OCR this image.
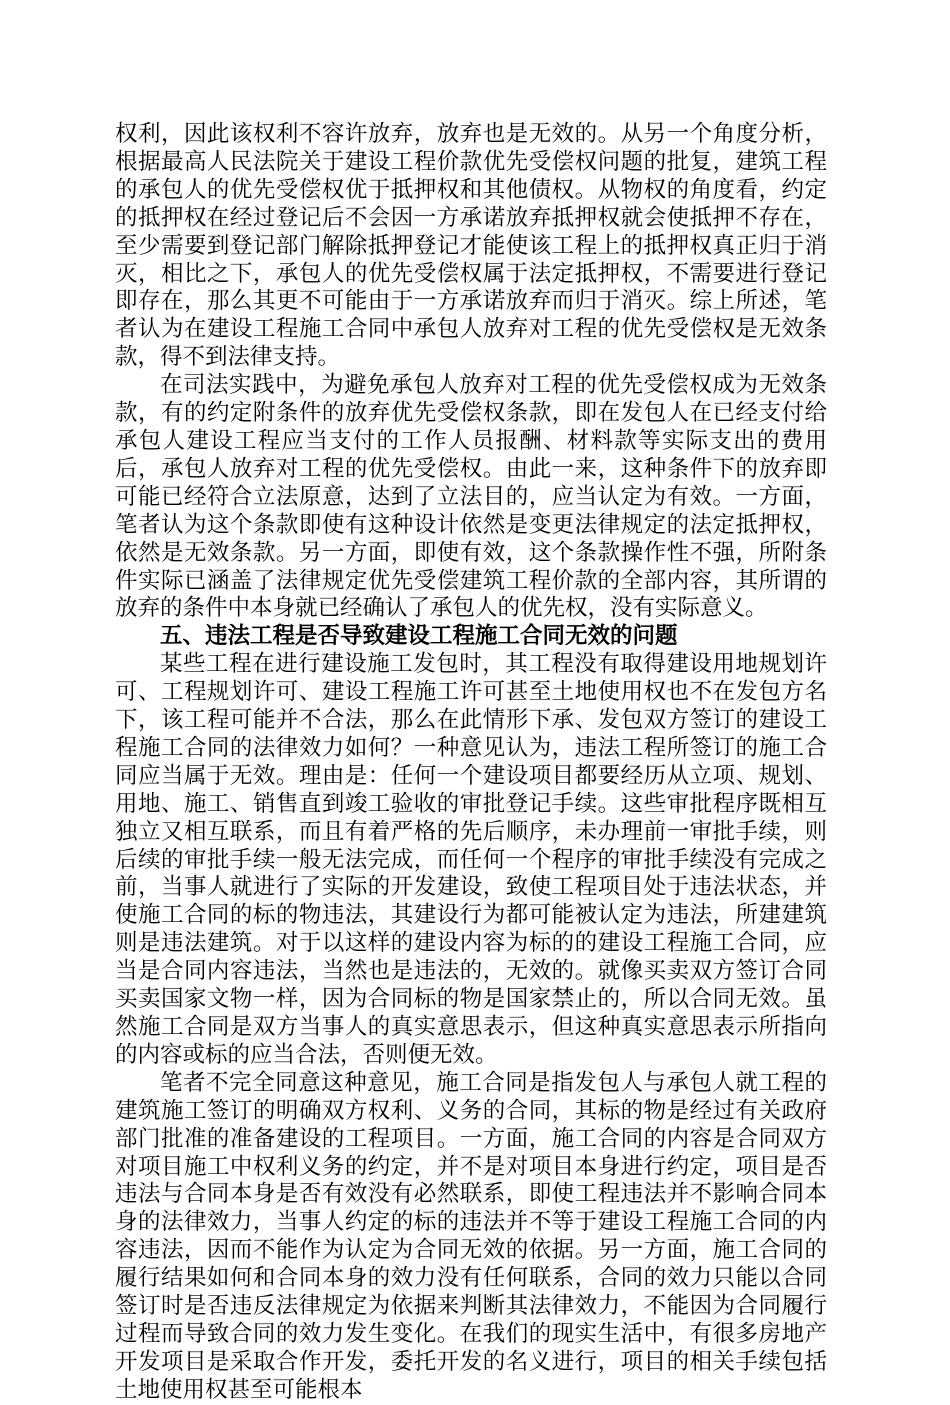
权利，因此该权利不容许放弃，放弃也是无效的。从另一个角度分析，根据最高人民法院关于建设工程价款优先受偿权问题的批复，建筑工程的承包人的优先受偿权优于抵押权和其他债权。从物权的角度看，约定的抵押权在经过登记后不会因一方承诺放弃抵押权就会使抵押不存在，至少需要到登记部门解除抵押登记才能使该工程上的抵押权真正归于消灭，相比之下，承包人的优先受偿权属于法定抵押权，不需要进行登记即存在，那么其更不可能由于一方承诺放弃而归于消灭。综上所述，笔者认为在建设工程施工合同中承包人放弃对工程的优先受偿权是无效条款，得不到法律支持。

在司法实践中，为避免承包人放弃对工程的优先受偿权成为无效条款，有的约定附条件的放弃优先受偿权条款，即在发包人在已经支付给承包人建设工程应当支付的工作人员报酬、材料款等实际支出的费用后，承包人放弃对工程的优先受偿权。由此一来，这种条件下的放弃即可能已经符合立法原意，达到了立法目的，应当认定为有效。一方面，笔者认为这个条款即使有这种设计依然是变更法律规定的法定抵押权，依然是无效条款。另一方面，即使有效，这个条款操作性不强，所附条件实际已涵盖了法律规定优先受偿建筑工程价款的全部内容，其所谓的放弃的条件中本身就已经确认了承包人的优先权，没有实际意义。

五、违法工程是否导致建设工程施工合同无效的问题

某些工程在进行建设施工发包时，其工程没有取得建设用地规划许可、工程规划许可、建设工程施工许可甚至土地使用权也不在发包方名下，该工程可能并不合法，那么在此情形下承、发包双方签订的建设工程施工合同的法律效力如何？一种意见认为，违法工程所签订的施工合同应当属于无效。理由是：任何一个建设项目都要经历从立项、规划、用地、施工、销售直到竣工验收的审批登记手续。这些审批程序既相互独立又相互联系，而且有着严格的先后顺序，未办理前一审批手续，则后续的审批手续一般无法完成，而任何一个程序的审批手续没有完成之前，当事人就进行了实际的开发建设，致使工程项目处于违法状态，并使施工合同的标的物违法，其建设行为都可能被认定为违法，所建建筑则是违法建筑。对于以这样的建设内容为标的的建设工程施工合同，应当是合同内容违法，当然也是违法的，无效的。就像买卖双方签订合同买卖国家文物一样，因为合同标的物是国家禁止的，所以合同无效。虽然施工合同是双方当事人的真实意思表示，但这种真实意思表示所指向的内容或标的应当合法，否则便无效。

笔者不完全同意这种意见，施工合同是指发包人与承包人就工程的建筑施工签订的明确双方权利、义务的合同，其标的物是经过有关政府部门批准的准备建设的工程项目。一方面，施工合同的内容是合同双方对项目施工中权利义务的约定，并不是对项目本身进行约定，项目是否违法与合同本身是否有效没有必然联系，即使工程违法并不影响合同本身的法律效力，当事人约定的标的违法并不等于建设工程施工合同的内容违法，因而不能作为认定为合同无效的依据。另一方面，施工合同的履行结果如何和合同本身的效力没有任何联系，合同的效力只能以合同签订时是否违反法律规定为依据来判断其法律效力，不能因为合同履行过程而导致合同的效力发生变化。在我们的现实生活中，有很多房地产开发项目是采取合作开发，委托开发的名义进行，项目的相关手续包括土地使用权甚至可能根本
